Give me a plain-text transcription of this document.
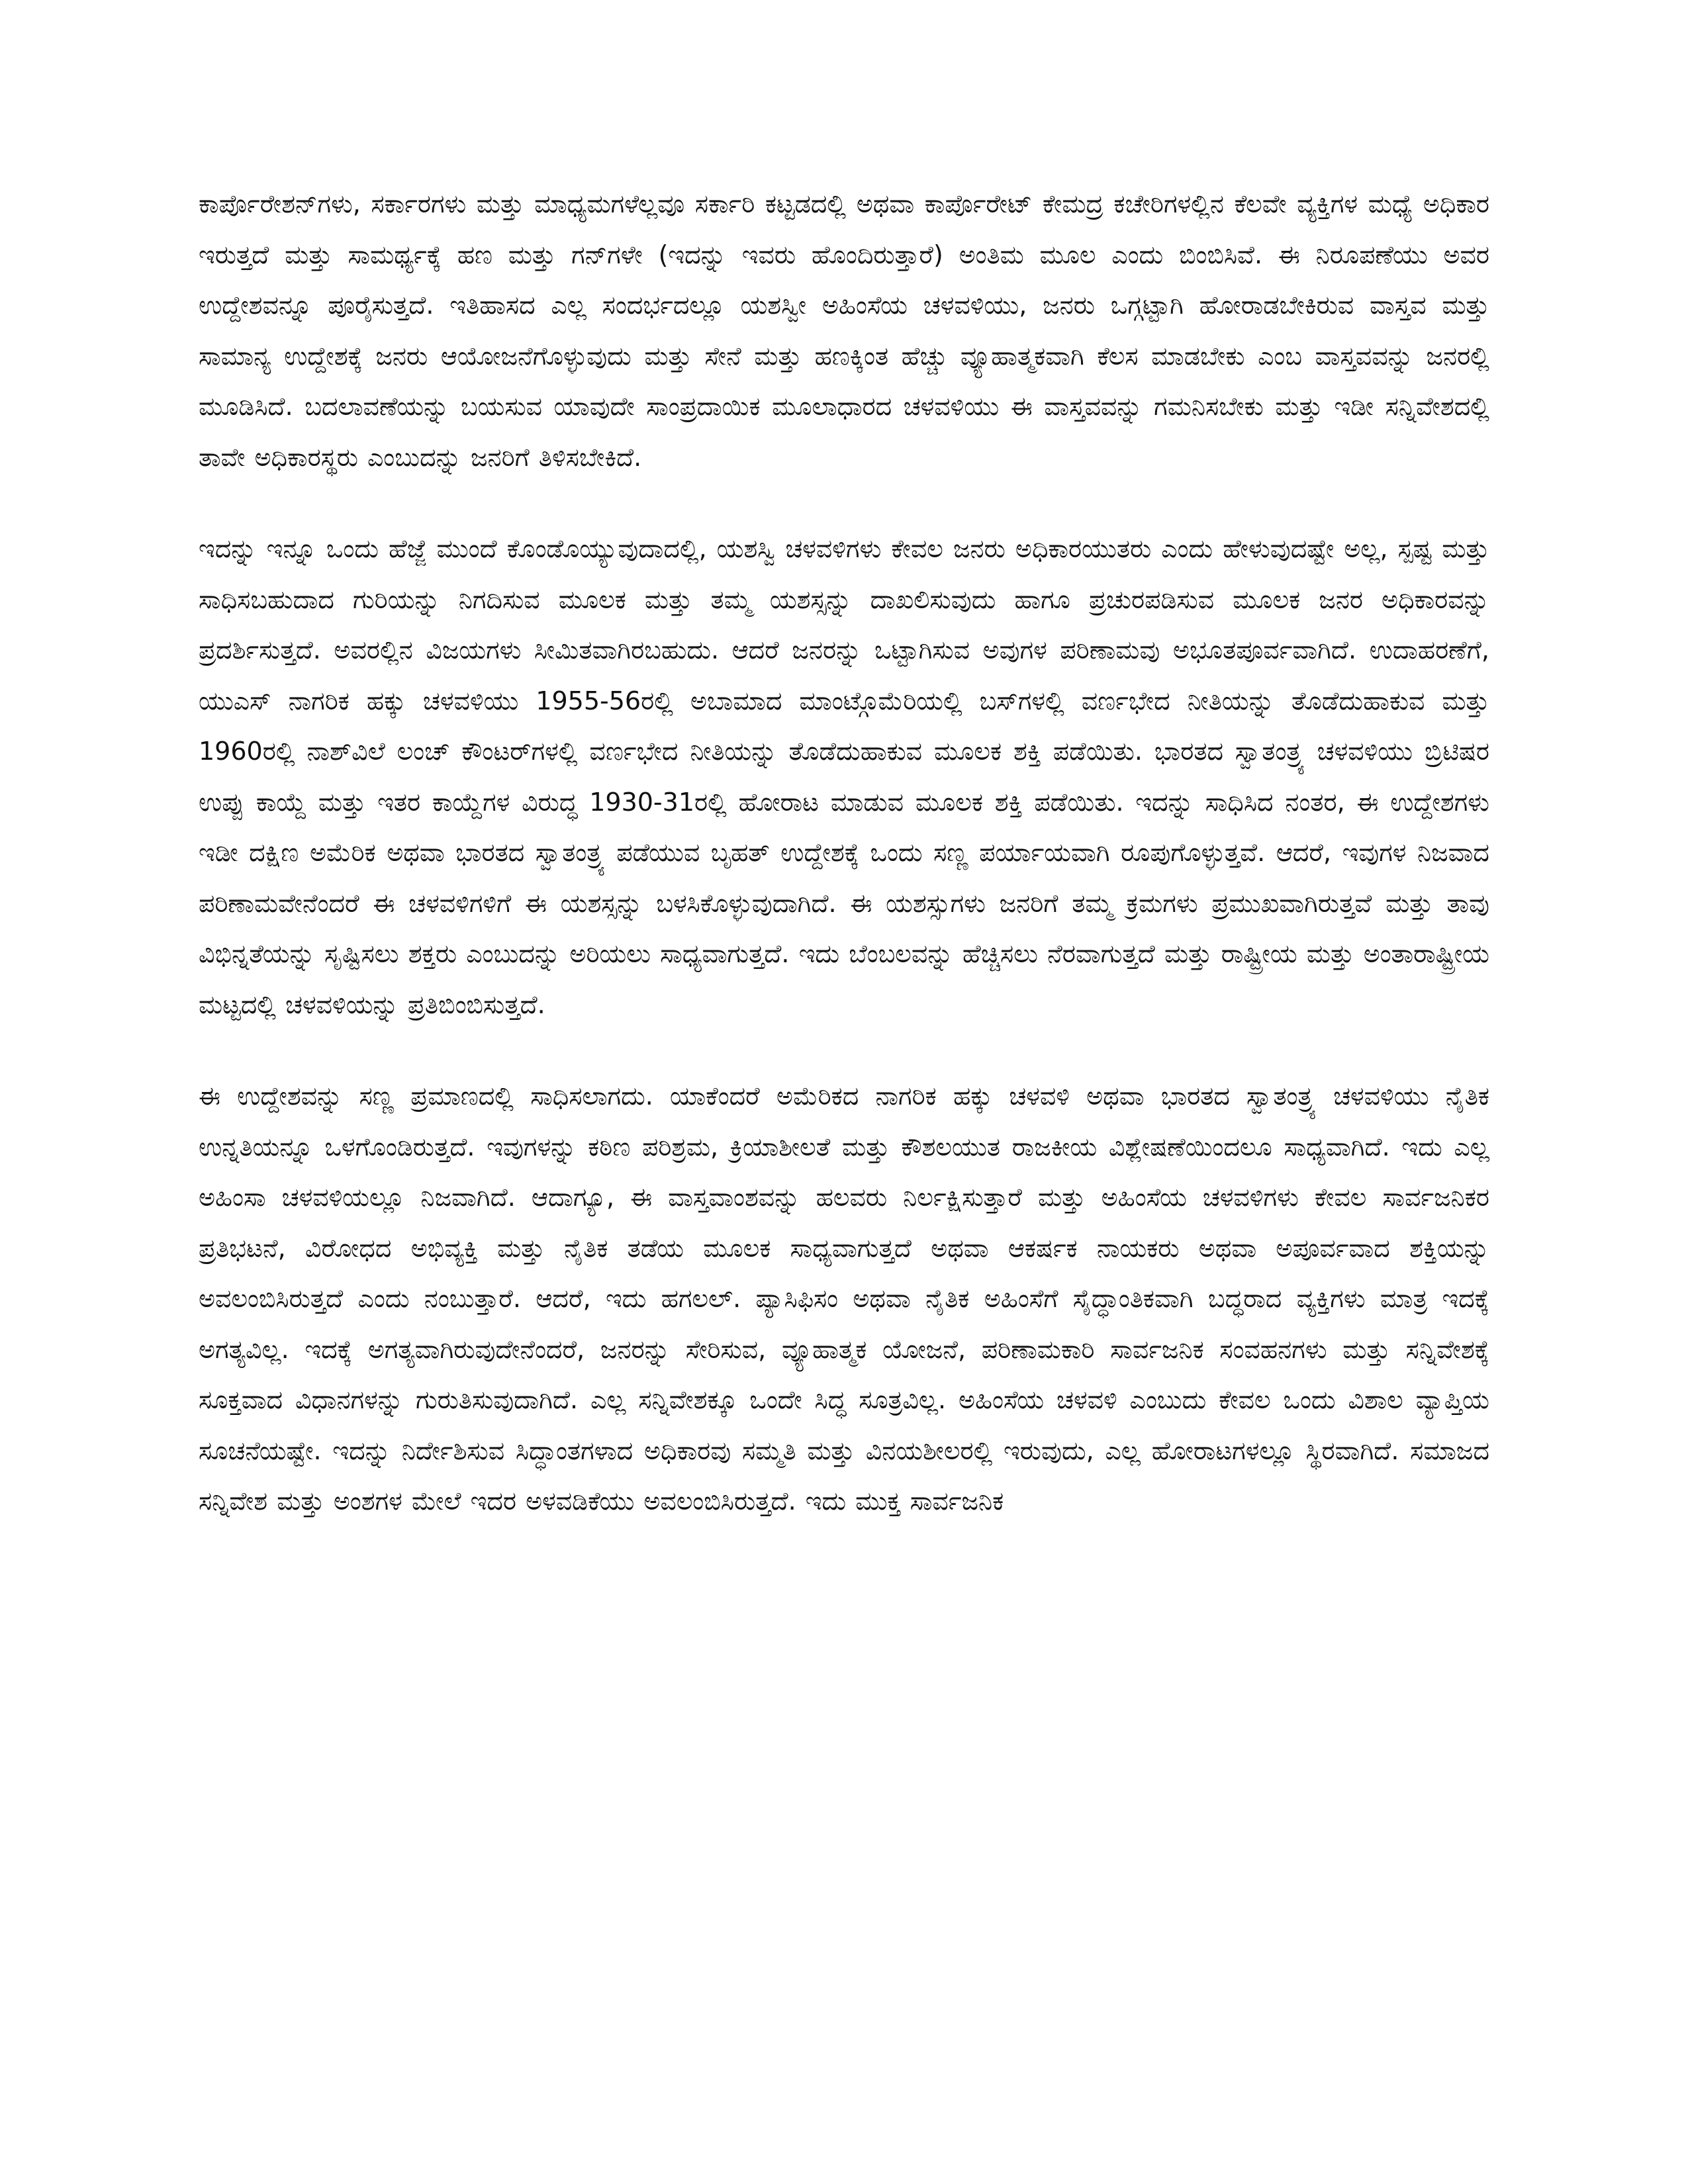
ಕಾರ್ಪೊರೇಶನ್‌ಗಳು, ಸರ್ಕಾರಗಳು ಮತ್ತು ಮಾಧ್ಯಮಗಳೆಲ್ಲವೂ ಸರ್ಕಾರಿ ಕಟ್ಟಡದಲ್ಲಿ ಅಥವಾ ಕಾರ್ಪೊರೇಟ್ ಕೇಮದ್ರ ಕಚೇರಿಗಳಲ್ಲಿನ ಕೆಲವೇ ವ್ಯಕ್ತಿಗಳ ಮಧ್ಯೆ ಅಧಿಕಾರ ಇರುತ್ತದೆ ಮತ್ತು ಸಾಮರ್ಥ್ಯಕ್ಕೆ ಹಣ ಮತ್ತು ಗನ್‌ಗಳೇ (ಇದನ್ನು ಇವರು ಹೊಂದಿರುತ್ತಾರೆ) ಅಂತಿಮ ಮೂಲ ಎಂದು ಬಿಂಬಿಸಿವೆ. ಈ ನಿರೂಪಣೆಯು ಅವರ ಉದ್ದೇಶವನ್ನೂ ಪೂರೈಸುತ್ತದೆ. ಇತಿಹಾಸದ ಎಲ್ಲ ಸಂದರ್ಭದಲ್ಲೂ ಯಶಸ್ವೀ ಅಹಿಂಸೆಯ ಚಳವಳಿಯು, ಜನರು ಒಗ್ಗಟ್ಟಾಗಿ ಹೋರಾಡಬೇಕಿರುವ ವಾಸ್ತವ ಮತ್ತು ಸಾಮಾನ್ಯ ಉದ್ದೇಶಕ್ಕೆ ಜನರು ಆಯೋಜನೆಗೊಳ್ಳುವುದು ಮತ್ತು ಸೇನೆ ಮತ್ತು ಹಣಕ್ಕಿಂತ ಹೆಚ್ಚು ವ್ಯೂಹಾತ್ಮಕವಾಗಿ ಕೆಲಸ ಮಾಡಬೇಕು ಎಂಬ ವಾಸ್ತವವನ್ನು ಜನರಲ್ಲಿ ಮೂಡಿಸಿದೆ. ಬದಲಾವಣೆಯನ್ನು ಬಯಸುವ ಯಾವುದೇ ಸಾಂಪ್ರದಾಯಿಕ ಮೂಲಾಧಾರದ ಚಳವಳಿಯು ಈ ವಾಸ್ತವವನ್ನು ಗಮನಿಸಬೇಕು ಮತ್ತು ಇಡೀ ಸನ್ನಿವೇಶದಲ್ಲಿ ತಾವೇ ಅಧಿಕಾರಸ್ಥರು ಎಂಬುದನ್ನು ಜನರಿಗೆ ತಿಳಿಸಬೇಕಿದೆ.

ಇದನ್ನು ಇನ್ನೂ ಒಂದು ಹೆಜ್ಜೆ ಮುಂದೆ ಕೊಂಡೊಯ್ಯುವುದಾದಲ್ಲಿ, ಯಶಸ್ವಿ ಚಳವಳಿಗಳು ಕೇವಲ ಜನರು ಅಧಿಕಾರಯುತರು ಎಂದು ಹೇಳುವುದಷ್ಟೇ ಅಲ್ಲ, ಸ್ಪಷ್ಟ ಮತ್ತು ಸಾಧಿಸಬಹುದಾದ ಗುರಿಯನ್ನು ನಿಗದಿಸುವ ಮೂಲಕ ಮತ್ತು ತಮ್ಮ ಯಶಸ್ಸನ್ನು ದಾಖಲಿಸುವುದು ಹಾಗೂ ಪ್ರಚುರಪಡಿಸುವ ಮೂಲಕ ಜನರ ಅಧಿಕಾರವನ್ನು ಪ್ರದರ್ಶಿಸುತ್ತದೆ. ಅವರಲ್ಲಿನ ವಿಜಯಗಳು ಸೀಮಿತವಾಗಿರಬಹುದು. ಆದರೆ ಜನರನ್ನು ಒಟ್ಟಾಗಿಸುವ ಅವುಗಳ ಪರಿಣಾಮವು ಅಭೂತಪೂರ್ವವಾಗಿದೆ. ಉದಾಹರಣೆಗೆ, ಯುಎಸ್ ನಾಗರಿಕ ಹಕ್ಕು ಚಳವಳಿಯು 1955-56ರಲ್ಲಿ ಅಬಾಮಾದ ಮಾಂಟ್ಗೊಮೆರಿಯಲ್ಲಿ ಬಸ್‌ಗಳಲ್ಲಿ ವರ್ಣಭೇದ ನೀತಿಯನ್ನು ತೊಡೆದುಹಾಕುವ ಮತ್ತು 1960ರಲ್ಲಿ ನಾಶ್‌ವಿಲೆ ಲಂಚ್ ಕೌಂಟರ್‌ಗಳಲ್ಲಿ ವರ್ಣಭೇದ ನೀತಿಯನ್ನು ತೊಡೆದುಹಾಕುವ ಮೂಲಕ ಶಕ್ತಿ ಪಡೆಯಿತು. ಭಾರತದ ಸ್ವಾತಂತ್ರ್ಯ ಚಳವಳಿಯು ಬ್ರಿಟಿಷರ ಉಪ್ಪು ಕಾಯ್ದೆ ಮತ್ತು ಇತರ ಕಾಯ್ದೆಗಳ ವಿರುದ್ಧ 1930-31ರಲ್ಲಿ ಹೋರಾಟ ಮಾಡುವ ಮೂಲಕ ಶಕ್ತಿ ಪಡೆಯಿತು. ಇದನ್ನು ಸಾಧಿಸಿದ ನಂತರ, ಈ ಉದ್ದೇಶಗಳು ಇಡೀ ದಕ್ಷಿಣ ಅಮೆರಿಕ ಅಥವಾ ಭಾರತದ ಸ್ವಾತಂತ್ರ್ಯ ಪಡೆಯುವ ಬೃಹತ್ ಉದ್ದೇಶಕ್ಕೆ ಒಂದು ಸಣ್ಣ ಪರ್ಯಾಯವಾಗಿ ರೂಪುಗೊಳ್ಳುತ್ತವೆ. ಆದರೆ, ಇವುಗಳ ನಿಜವಾದ ಪರಿಣಾಮವೇನೆಂದರೆ ಈ ಚಳವಳಿಗಳಿಗೆ ಈ ಯಶಸ್ಸನ್ನು ಬಳಸಿಕೊಳ್ಳುವುದಾಗಿದೆ. ಈ ಯಶಸ್ಸುಗಳು ಜನರಿಗೆ ತಮ್ಮ ಕ್ರಮಗಳು ಪ್ರಮುಖವಾಗಿರುತ್ತವೆ ಮತ್ತು ತಾವು ವಿಭಿನ್ನತೆಯನ್ನು ಸೃಷ್ಟಿಸಲು ಶಕ್ತರು ಎಂಬುದನ್ನು ಅರಿಯಲು ಸಾಧ್ಯವಾಗುತ್ತದೆ. ಇದು ಬೆಂಬಲವನ್ನು ಹೆಚ್ಚಿಸಲು ನೆರವಾಗುತ್ತದೆ ಮತ್ತು ರಾಷ್ಟ್ರೀಯ ಮತ್ತು ಅಂತಾರಾಷ್ಟ್ರೀಯ ಮಟ್ಟದಲ್ಲಿ ಚಳವಳಿಯನ್ನು ಪ್ರತಿಬಿಂಬಿಸುತ್ತದೆ.

ಈ ಉದ್ದೇಶವನ್ನು ಸಣ್ಣ ಪ್ರಮಾಣದಲ್ಲಿ ಸಾಧಿಸಲಾಗದು. ಯಾಕೆಂದರೆ ಅಮೆರಿಕದ ನಾಗರಿಕ ಹಕ್ಕು ಚಳವಳಿ ಅಥವಾ ಭಾರತದ ಸ್ವಾತಂತ್ರ್ಯ ಚಳವಳಿಯು ನೈತಿಕ ಉನ್ನತಿಯನ್ನೂ ಒಳಗೊಂಡಿರುತ್ತದೆ. ಇವುಗಳನ್ನು ಕಠಿಣ ಪರಿಶ್ರಮ, ಕ್ರಿಯಾಶೀಲತೆ ಮತ್ತು ಕೌಶಲಯುತ ರಾಜಕೀಯ ವಿಶ್ಲೇಷಣೆಯಿಂದಲೂ ಸಾಧ್ಯವಾಗಿದೆ. ಇದು ಎಲ್ಲ ಅಹಿಂಸಾ ಚಳವಳಿಯಲ್ಲೂ ನಿಜವಾಗಿದೆ. ಆದಾಗ್ಯೂ, ಈ ವಾಸ್ತವಾಂಶವನ್ನು ಹಲವರು ನಿರ್ಲಕ್ಷಿಸುತ್ತಾರೆ ಮತ್ತು ಅಹಿಂಸೆಯ ಚಳವಳಿಗಳು ಕೇವಲ ಸಾರ್ವಜನಿಕರ ಪ್ರತಿಭಟನೆ, ವಿರೋಧದ ಅಭಿವ್ಯಕ್ತಿ ಮತ್ತು ನೈತಿಕ ತಡೆಯ ಮೂಲಕ ಸಾಧ್ಯವಾಗುತ್ತದೆ ಅಥವಾ ಆಕರ್ಷಕ ನಾಯಕರು ಅಥವಾ ಅಪೂರ್ವವಾದ ಶಕ್ತಿಯನ್ನು ಅವಲಂಬಿಸಿರುತ್ತದೆ ಎಂದು ನಂಬುತ್ತಾರೆ. ಆದರೆ, ಇದು ಹಗಲಲ್. ಪ್ಯಾಸಿಫಿಸಂ ಅಥವಾ ನೈತಿಕ ಅಹಿಂಸೆಗೆ ಸೈದ್ಧಾಂತಿಕವಾಗಿ ಬದ್ಧರಾದ ವ್ಯಕ್ತಿಗಳು ಮಾತ್ರ ಇದಕ್ಕೆ ಅಗತ್ಯವಿಲ್ಲ. ಇದಕ್ಕೆ ಅಗತ್ಯವಾಗಿರುವುದೇನೆಂದರೆ, ಜನರನ್ನು ಸೇರಿಸುವ, ವ್ಯೂಹಾತ್ಮಕ ಯೋಜನೆ, ಪರಿಣಾಮಕಾರಿ ಸಾರ್ವಜನಿಕ ಸಂವಹನಗಳು ಮತ್ತು ಸನ್ನಿವೇಶಕ್ಕೆ ಸೂಕ್ತವಾದ ವಿಧಾನಗಳನ್ನು ಗುರುತಿಸುವುದಾಗಿದೆ. ಎಲ್ಲ ಸನ್ನಿವೇಶಕ್ಕೂ ಒಂದೇ ಸಿದ್ಧ ಸೂತ್ರವಿಲ್ಲ. ಅಹಿಂಸೆಯ ಚಳವಳಿ ಎಂಬುದು ಕೇವಲ ಒಂದು ವಿಶಾಲ ವ್ಯಾಪ್ತಿಯ ಸೂಚನೆಯಷ್ಟೇ. ಇದನ್ನು ನಿರ್ದೇಶಿಸುವ ಸಿದ್ಧಾಂತಗಳಾದ ಅಧಿಕಾರವು ಸಮ್ಮತಿ ಮತ್ತು ವಿನಯಶೀಲರಲ್ಲಿ ಇರುವುದು, ಎಲ್ಲ ಹೋರಾಟಗಳಲ್ಲೂ ಸ್ಥಿರವಾಗಿದೆ. ಸಮಾಜದ ಸನ್ನಿವೇಶ ಮತ್ತು ಅಂಶಗಳ ಮೇಲೆ ಇದರ ಅಳವಡಿಕೆಯು ಅವಲಂಬಿಸಿರುತ್ತದೆ. ಇದು ಮುಕ್ತ ಸಾರ್ವಜನಿಕ
